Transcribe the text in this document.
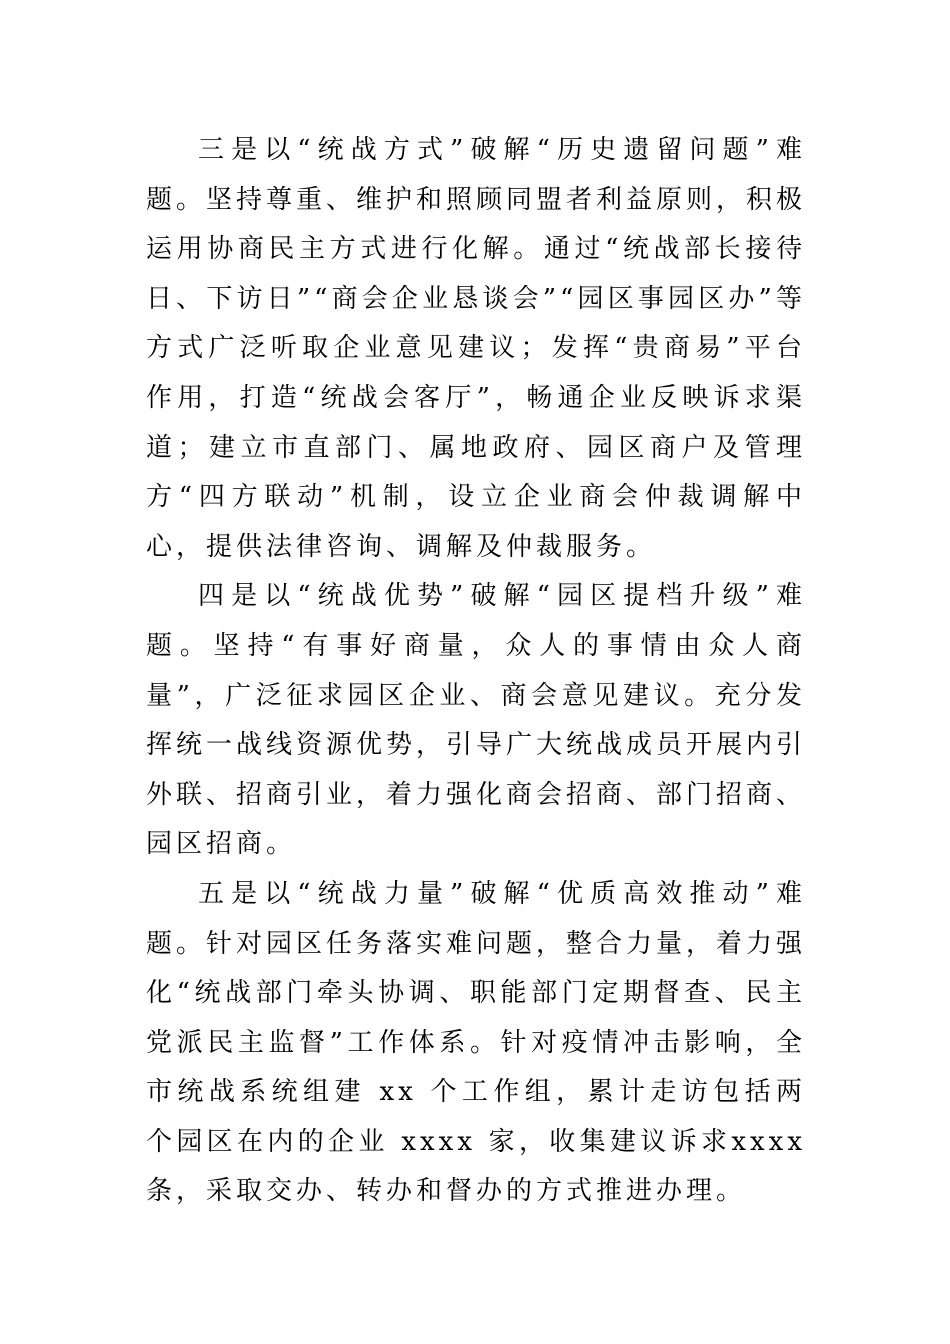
三是以“统战方式”破解“历史遗留问题”难题。坚持尊重、维护和照顾同盟者利益原则，积极运用协商民主方式进行化解。通过“统战部长接待日、下访日”“商会企业恳谈会”“园区事园区办”等方式广泛听取企业意见建议；发挥“贵商易”平台作用，打造“统战会客厅”，畅通企业反映诉求渠道；建立市直部门、属地政府、园区商户及管理方“四方联动”机制，设立企业商会仲裁调解中心，提供法律咨询、调解及仲裁服务。

四是以“统战优势”破解“园区提档升级”难题。坚持“有事好商量，众人的事情由众人商量”，广泛征求园区企业、商会意见建议。充分发挥统一战线资源优势，引导广大统战成员开展内引外联、招商引业，着力强化商会招商、部门招商、园区招商。

五是以“统战力量”破解“优质高效推动”难题。针对园区任务落实难问题，整合力量，着力强化“统战部门牵头协调、职能部门定期督查、民主党派民主监督”工作体系。针对疫情冲击影响，全市统战系统组建 xx 个工作组，累计走访包括两个园区在内的企业 xxxx 家，收集建议诉求xxxx 条，采取交办、转办和督办的方式推进办理。
